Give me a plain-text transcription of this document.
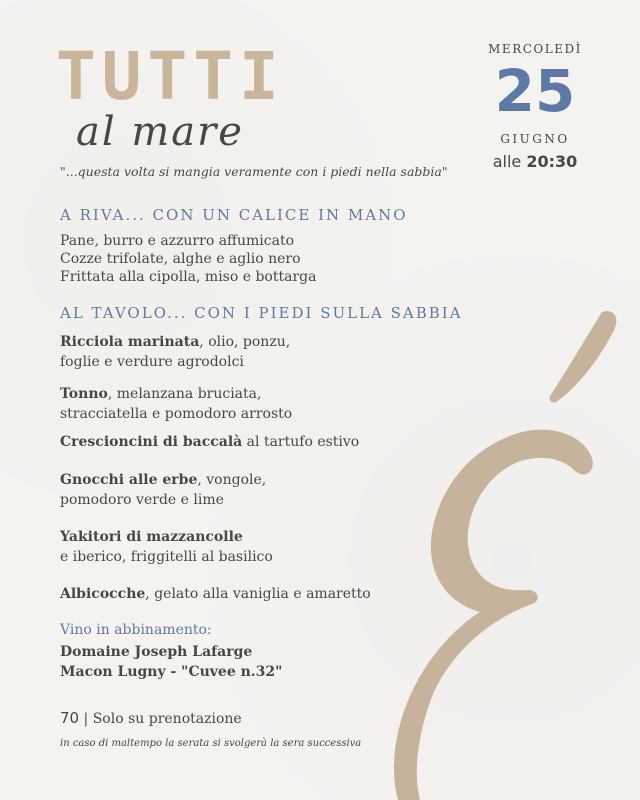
TUTTI
al mare
"...questa volta si mangia veramente con i piedi nella sabbia"
MERCOLEDÌ
25
GIUGNO
alle 20:30
A RIVA... CON UN CALICE IN MANO
Pane, burro e azzurro affumicato
Cozze trifolate, alghe e aglio nero
Frittata alla cipolla, miso e bottarga
AL TAVOLO... CON I PIEDI SULLA SABBIA
Ricciola marinata, olio, ponzu,
foglie e verdure agrodolci
Tonno, melanzana bruciata,
stracciatella e pomodoro arrosto
Crescioncini di baccalà al tartufo estivo
Gnocchi alle erbe, vongole,
pomodoro verde e lime
Yakitori di mazzancolle
e iberico, friggitelli al basilico
Albicocche, gelato alla vaniglia e amaretto
Vino in abbinamento:
Domaine Joseph Lafarge
Macon Lugny - "Cuvee n.32"
70 | Solo su prenotazione
in caso di maltempo la serata si svolgerà la sera successiva
